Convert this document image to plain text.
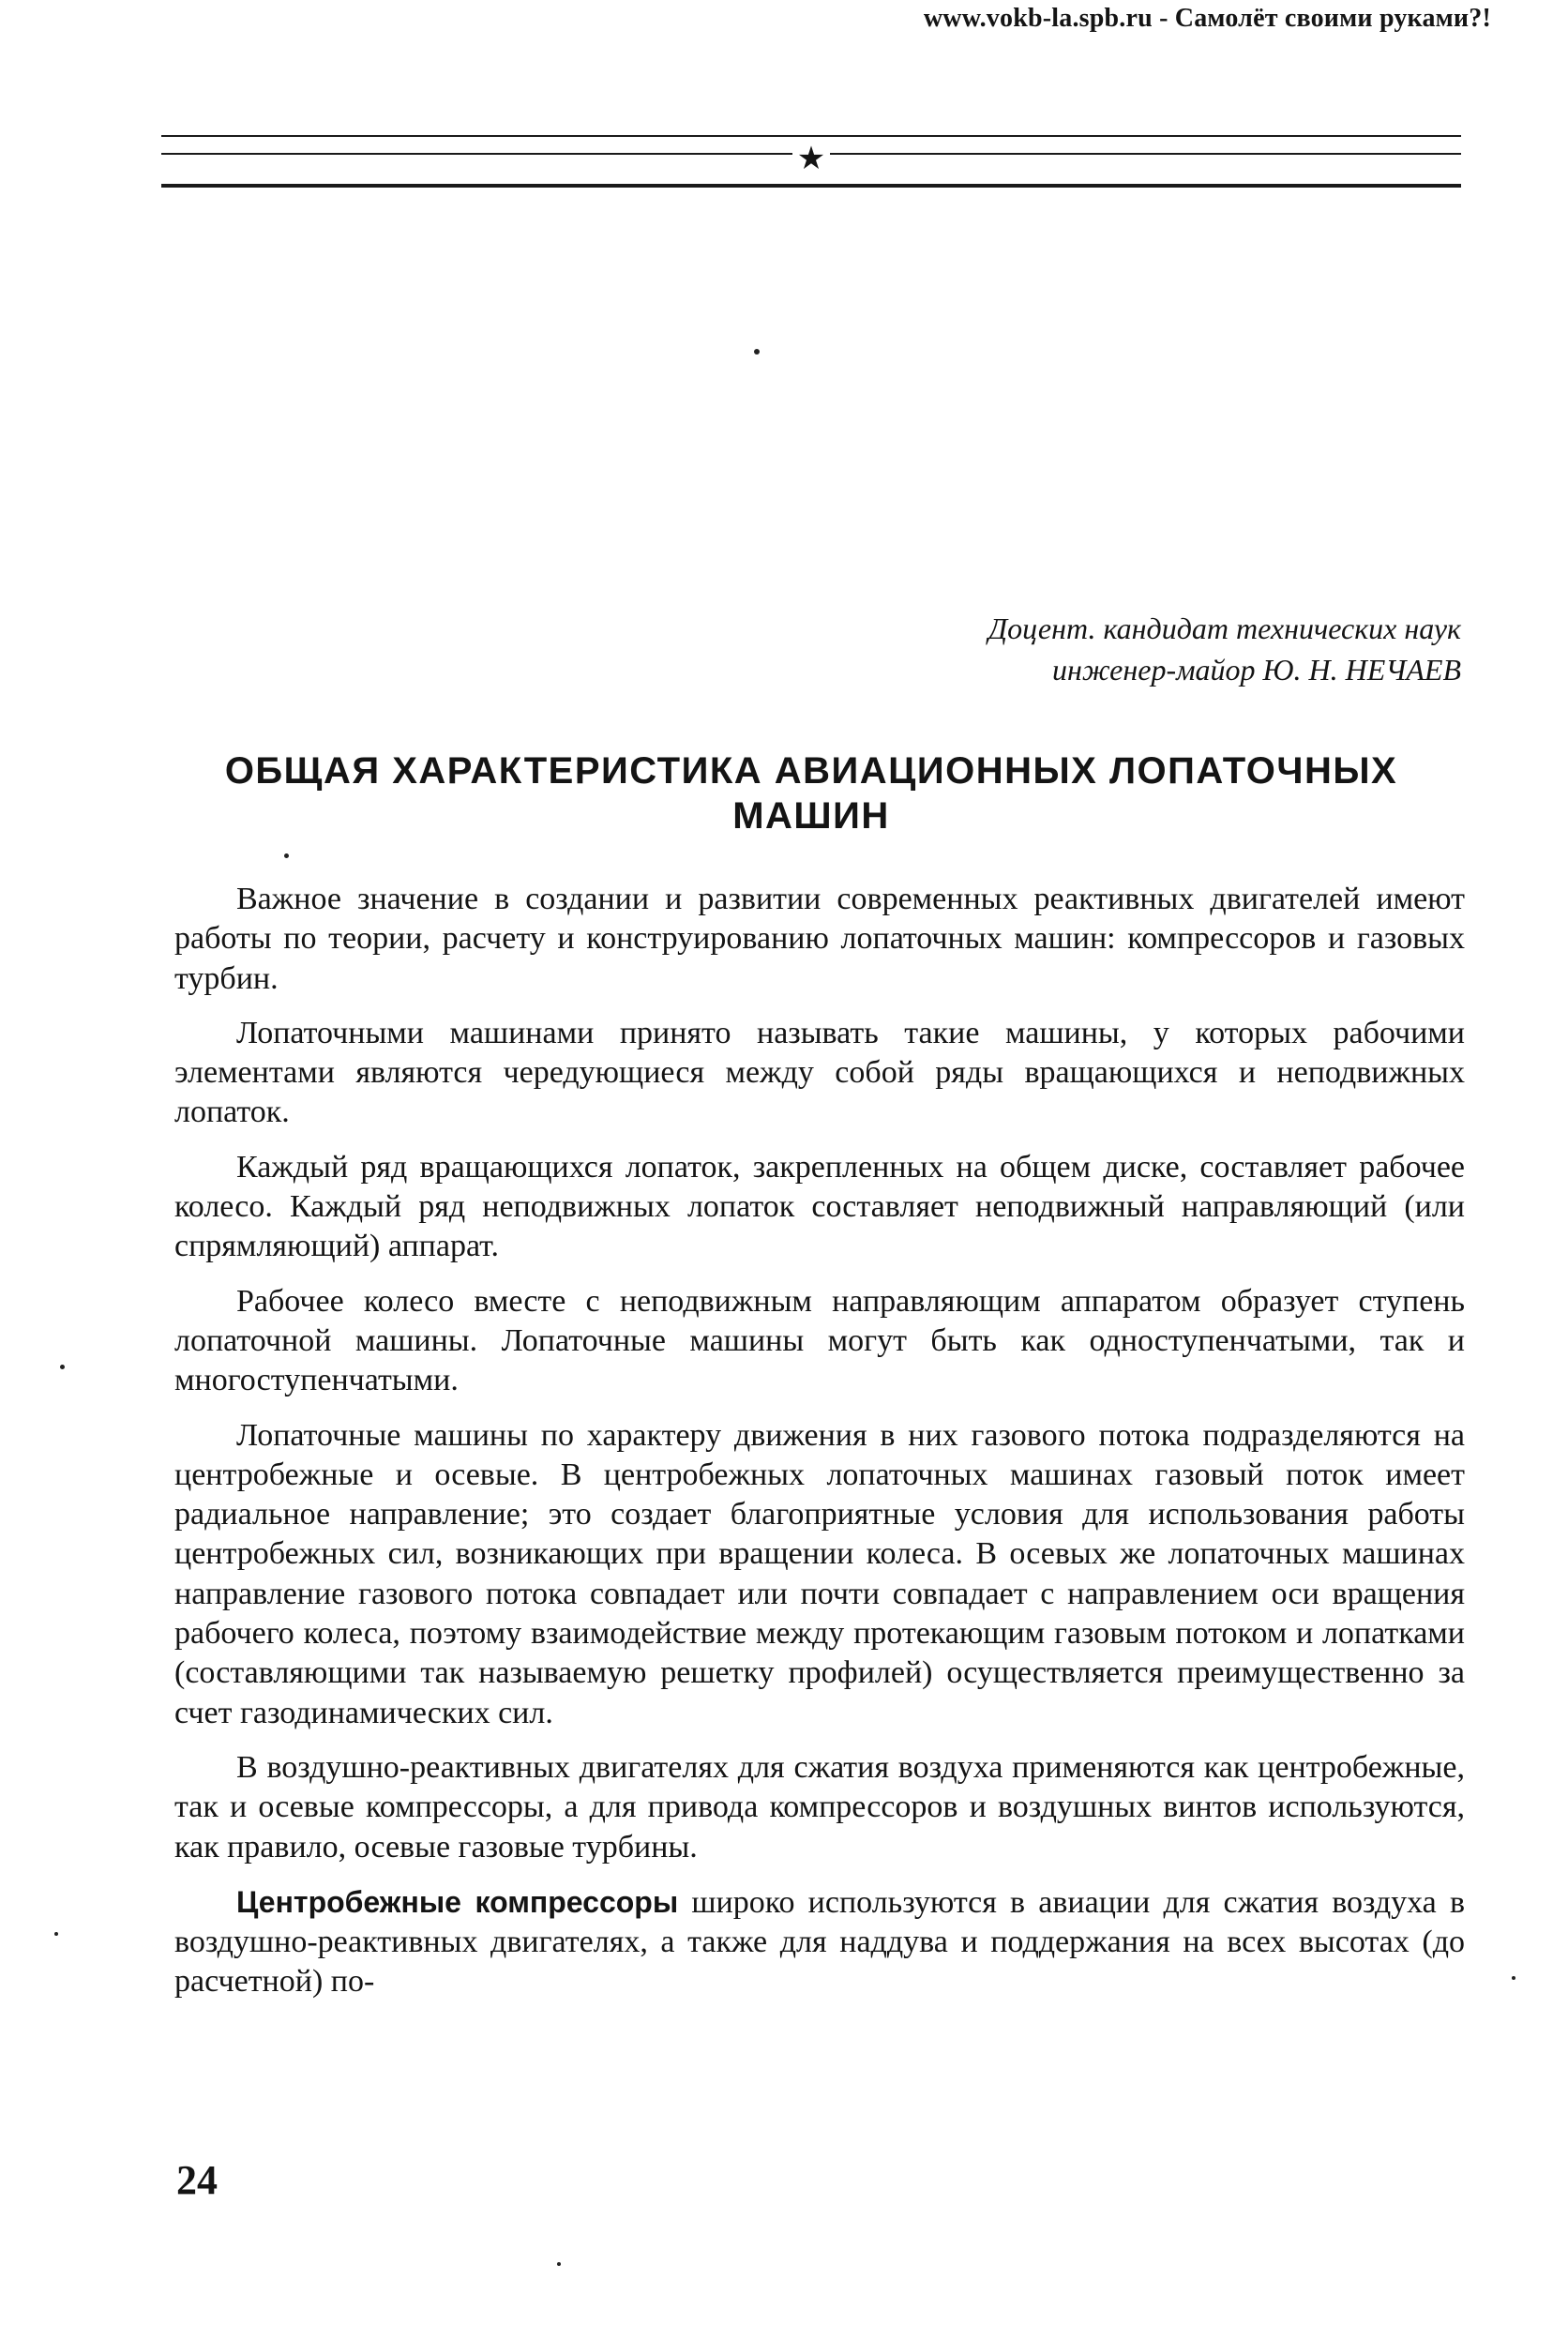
www.vokb-la.spb.ru - Самолёт своими руками?!
★
Доцент. кандидат технических наук
инженер-майор Ю. Н. НЕЧАЕВ
ОБЩАЯ ХАРАКТЕРИСТИКА АВИАЦИОННЫХ ЛОПАТОЧНЫХ
МАШИН

Важное значение в создании и развитии современных реактивных двигателей имеют работы по теории, расчету и конструированию лопаточных машин: компрессоров и газовых турбин.

Лопаточными машинами принято называть такие машины, у которых рабочими элементами являются чередующиеся между собой ряды вращающихся и неподвижных лопаток.

Каждый ряд вращающихся лопаток, закрепленных на общем диске, составляет рабочее колесо. Каждый ряд неподвижных лопаток составляет неподвижный направляющий (или спрямляющий) аппарат.

Рабочее колесо вместе с неподвижным направляющим аппаратом образует ступень лопаточной машины. Лопаточные машины могут быть как одноступенчатыми, так и многоступенчатыми.

Лопаточные машины по характеру движения в них газового потока подразделяются на центробежные и осевые. В центробежных лопаточных машинах газовый поток имеет радиальное направление; это создает благоприятные условия для использования работы центробежных сил, возникающих при вращении колеса. В осевых же лопаточных машинах направление газового потока совпадает или почти совпадает с направлением оси вращения рабочего колеса, поэтому взаимодействие между протекающим газовым потоком и лопатками (составляющими так называемую решетку профилей) осуществляется преимущественно за счет газодинамических сил.

В воздушно-реактивных двигателях для сжатия воздуха применяются как центробежные, так и осевые компрессоры, а для привода компрессоров и воздушных винтов используются, как правило, осевые газовые турбины.

Центробежные компрессоры широко используются в авиации для сжатия воздуха в воздушно-реактивных двигателях, а также для наддува и поддержания на всех высотах (до расчетной) по-

24
